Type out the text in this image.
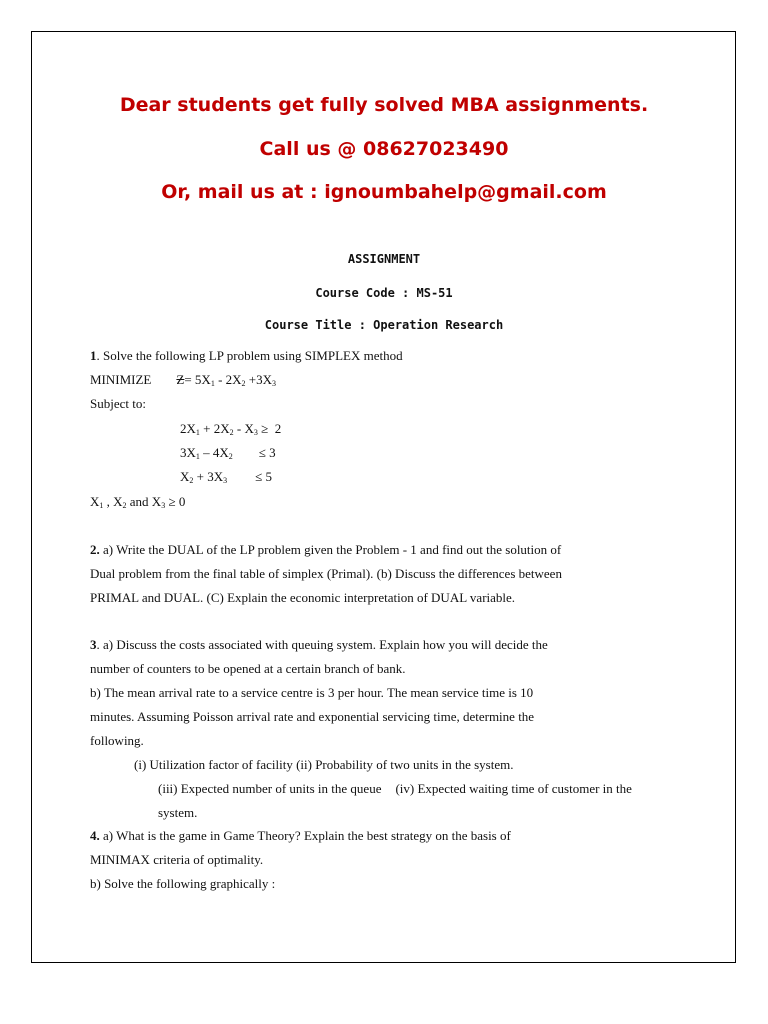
Dear students get fully solved MBA assignments.
Call us @ 08627023490
Or, mail us at : ignoumbahelp@gmail.com
ASSIGNMENT
Course Code : MS-51
Course Title : Operation Research
1. Solve the following LP problem using SIMPLEX method
MINIMIZE $Z= 5X_1 - 2X_2 +3X_3$
Subject to:
$2X_1 + 2X_2 - X_3 \ge 2$
$3X_1 - 4X_2 \le 3$
$X_2 + 3X_3 \le 5$
$X_1$ , $X_2$ and $X_3 \ge 0$
2. a) Write the DUAL of the LP problem given the Problem - 1 and find out the solution of
Dual problem from the final table of simplex (Primal). (b) Discuss the differences between
PRIMAL and DUAL. (C) Explain the economic interpretation of DUAL variable.
3. a) Discuss the costs associated with queuing system. Explain how you will decide the
number of counters to be opened at a certain branch of bank.
b) The mean arrival rate to a service centre is 3 per hour. The mean service time is 10
minutes. Assuming Poisson arrival rate and exponential servicing time, determine the
following.
(i) Utilization factor of facility (ii) Probability of two units in the system.
(iii) Expected number of units in the queue (iv) Expected waiting time of customer in the
system.
4. a) What is the game in Game Theory? Explain the best strategy on the basis of
MINIMAX criteria of optimality.
b) Solve the following graphically :
